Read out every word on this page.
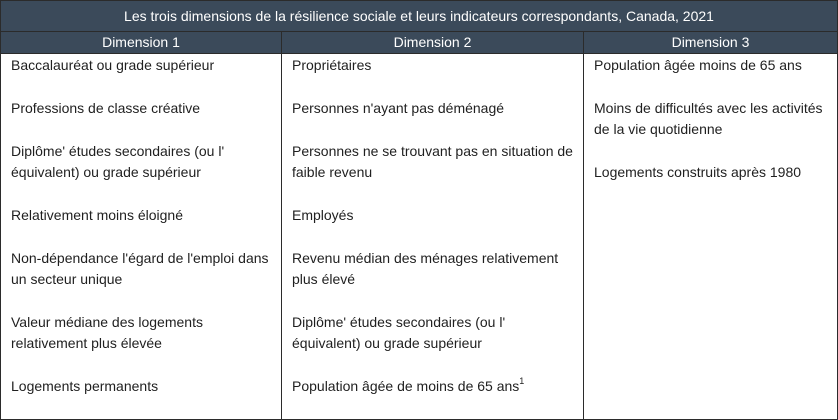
Les trois dimensions de la résilience sociale et leurs indicateurs correspondants, Canada, 2021
Dimension 1
Baccalauréat ou grade supérieur
Professions de classe créative
Diplôme' études secondaires (ou l' équivalent) ou grade supérieur
Relativement moins éloigné
Non-dépendance l'égard de l'emploi dans un secteur unique
Valeur médiane des logements relativement plus élevée
Logements permanents
Dimension 2
Propriétaires
Personnes n'ayant pas déménagé
Personnes ne se trouvant pas en situation de faible revenu
Employés
Revenu médian des ménages relativement plus élevé
Diplôme' études secondaires (ou l' équivalent) ou grade supérieur
Population âgée de moins de 65 ans$^1$
Dimension 3
Population âgée moins de 65 ans
Moins de difficultés avec les activités de la vie quotidienne
Logements construits après 1980
